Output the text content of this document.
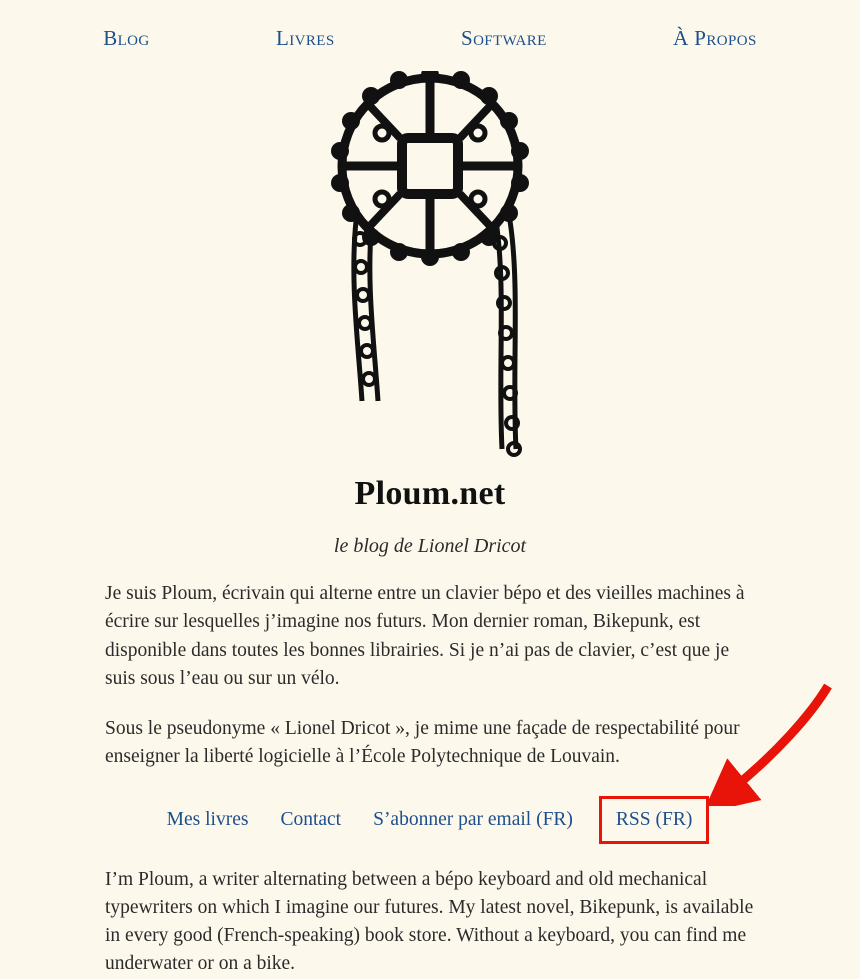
Blog	Livres	Software	À Propos
Ploum.net

le blog de Lionel Dricot

Je suis Ploum, écrivain qui alterne entre un clavier bépo et des vieilles machines à écrire sur lesquelles j’imagine nos futurs. Mon dernier roman, Bikepunk, est disponible dans toutes les bonnes librairies. Si je n’ai pas de clavier, c’est que je suis sous l’eau ou sur un vélo.

Sous le pseudonyme « Lionel Dricot », je mime une façade de respectabilité pour enseigner la liberté logicielle à l’École Polytechnique de Louvain.

Mes livres	Contact	S’abonner par email (FR)	RSS (FR)

I’m Ploum, a writer alternating between a bépo keyboard and old mechanical typewriters on which I imagine our futures. My latest novel, Bikepunk, is available in every good (French-speaking) book store. Without a keyboard, you can find me underwater or on a bike.
